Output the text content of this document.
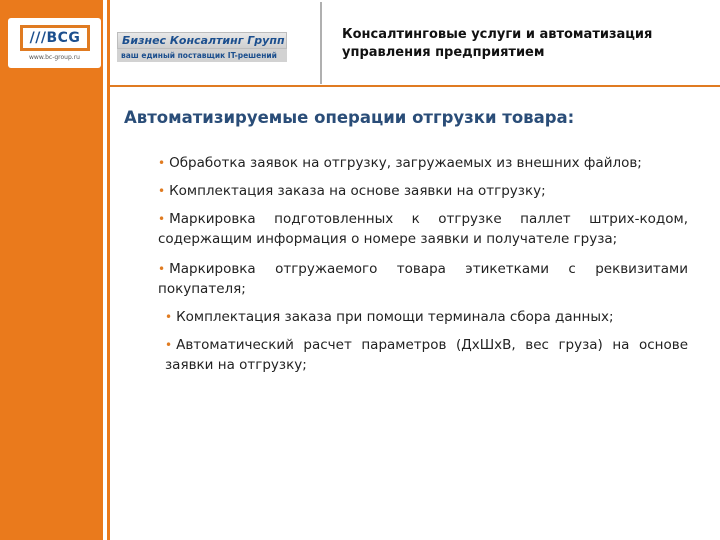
///BCG
www.bc-group.ru
Бизнес Консалтинг Групп
ваш единый поставщик IT-решений
Консалтинговые услуги и автоматизация управления предприятием
Автоматизируемые операции отгрузки товара:
• Обработка заявок на отгрузку, загружаемых из внешних файлов;
• Комплектация заказа на основе заявки на отгрузку;
• Маркировка подготовленных к отгрузке паллет штрих-кодом, содержащим информация о номере заявки и получателе груза;
• Маркировка отгружаемого товара этикетками с реквизитами покупателя;
• Комплектация заказа при помощи терминала сбора данных;
• Автоматический расчет параметров (ДхШхВ, вес груза) на основе заявки на отгрузку;
